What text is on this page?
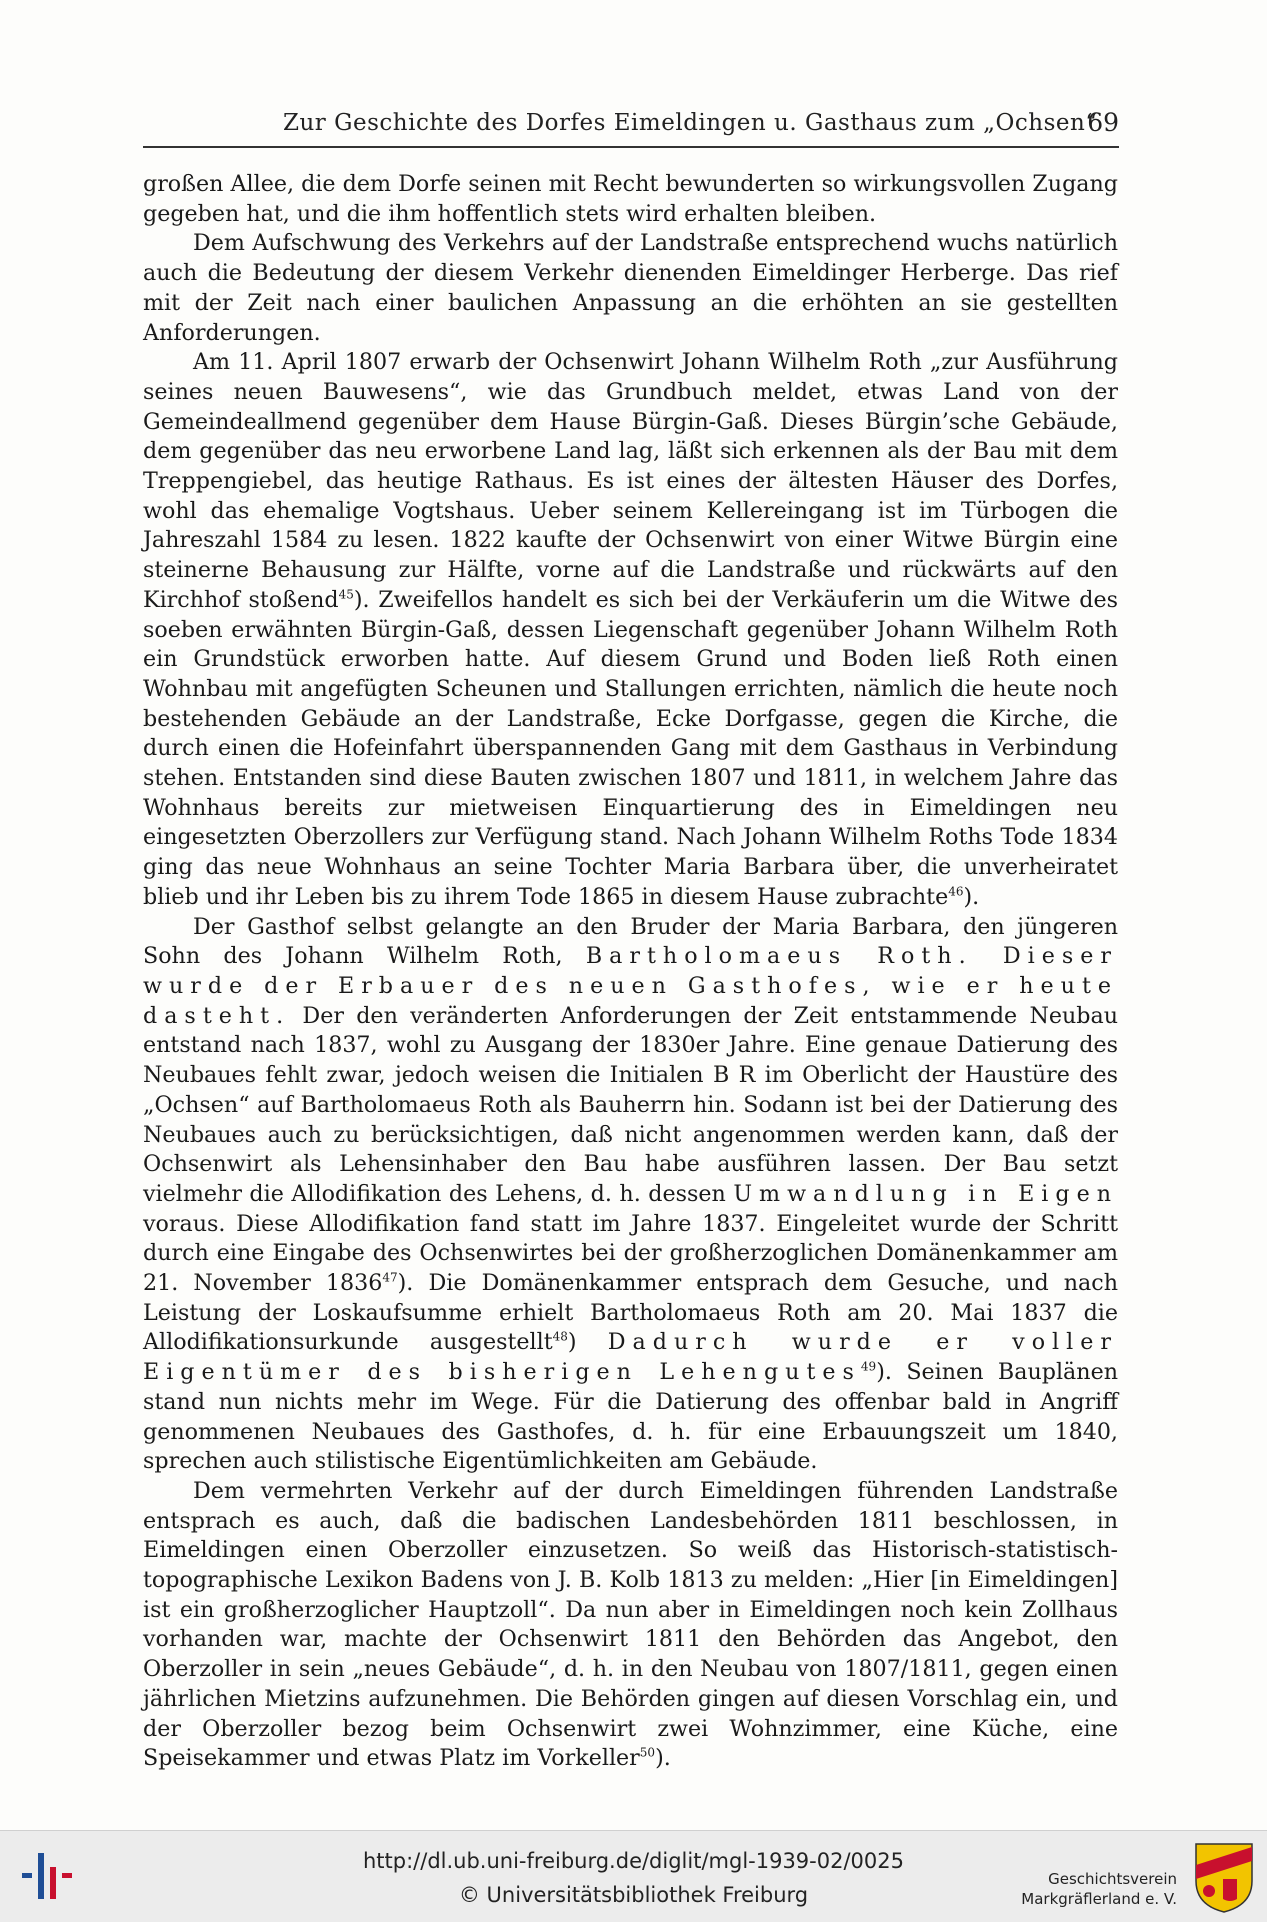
Zur Geschichte des Dorfes Eimeldingen u. Gasthaus zum „Ochsen“
69

großen Allee, die dem Dorfe seinen mit Recht bewunderten so wirkungsvollen Zugang gegeben hat, und die ihm hoffentlich stets wird erhalten bleiben.

Dem Aufschwung des Verkehrs auf der Landstraße entsprechend wuchs natürlich auch die Bedeutung der diesem Verkehr dienenden Eimeldinger Herberge. Das rief mit der Zeit nach einer baulichen Anpassung an die erhöhten an sie gestellten Anforderungen.

Am 11. April 1807 erwarb der Ochsenwirt Johann Wilhelm Roth „zur Ausführung seines neuen Bauwesens“, wie das Grundbuch meldet, etwas Land von der Gemeindeallmend gegenüber dem Hause Bürgin-Gaß. Dieses Bürgin’sche Gebäude, dem gegenüber das neu erworbene Land lag, läßt sich erkennen als der Bau mit dem Treppengiebel, das heutige Rathaus. Es ist eines der ältesten Häuser des Dorfes, wohl das ehemalige Vogtshaus. Ueber seinem Kellereingang ist im Türbogen die Jahreszahl 1584 zu lesen. 1822 kaufte der Ochsenwirt von einer Witwe Bürgin eine steinerne Behausung zur Hälfte, vorne auf die Landstraße und rückwärts auf den Kirchhof stoßend$^{45}$). Zweifellos handelt es sich bei der Verkäuferin um die Witwe des soeben erwähnten Bürgin-Gaß, dessen Liegenschaft gegenüber Johann Wilhelm Roth ein Grundstück erworben hatte. Auf diesem Grund und Boden ließ Roth einen Wohnbau mit angefügten Scheunen und Stallungen errichten, nämlich die heute noch bestehenden Gebäude an der Landstraße, Ecke Dorfgasse, gegen die Kirche, die durch einen die Hofeinfahrt überspannenden Gang mit dem Gasthaus in Verbindung stehen. Entstanden sind diese Bauten zwischen 1807 und 1811, in welchem Jahre das Wohnhaus bereits zur mietweisen Einquartierung des in Eimeldingen neu eingesetzten Oberzollers zur Verfügung stand. Nach Johann Wilhelm Roths Tode 1834 ging das neue Wohnhaus an seine Tochter Maria Barbara über, die unverheiratet blieb und ihr Leben bis zu ihrem Tode 1865 in diesem Hause zubrachte$^{46}$).

Der Gasthof selbst gelangte an den Bruder der Maria Barbara, den jüngeren Sohn des Johann Wilhelm Roth, Bartholomaeus Roth. Dieser wurde der Erbauer des neuen Gasthofes, wie er heute dasteht. Der den veränderten Anforderungen der Zeit entstammende Neubau entstand nach 1837, wohl zu Ausgang der 1830er Jahre. Eine genaue Datierung des Neubaues fehlt zwar, jedoch weisen die Initialen B R im Oberlicht der Haustüre des „Ochsen“ auf Bartholomaeus Roth als Bauherrn hin. Sodann ist bei der Datierung des Neubaues auch zu berücksichtigen, daß nicht angenommen werden kann, daß der Ochsenwirt als Lehensinhaber den Bau habe ausführen lassen. Der Bau setzt vielmehr die Allodifikation des Lehens, d. h. dessen Umwandlung in Eigen voraus. Diese Allodifikation fand statt im Jahre 1837. Eingeleitet wurde der Schritt durch eine Eingabe des Ochsenwirtes bei der großherzoglichen Domänenkammer am 21. November 1836$^{47}$). Die Domänenkammer entsprach dem Gesuche, und nach Leistung der Loskaufsumme erhielt Bartholomaeus Roth am 20. Mai 1837 die Allodifikationsurkunde ausgestellt$^{48}$) Dadurch wurde er voller Eigentümer des bisherigen Lehengutes$^{49}$). Seinen Bauplänen stand nun nichts mehr im Wege. Für die Datierung des offenbar bald in Angriff genommenen Neubaues des Gasthofes, d. h. für eine Erbauungszeit um 1840, sprechen auch stilistische Eigentümlichkeiten am Gebäude.

Dem vermehrten Verkehr auf der durch Eimeldingen führenden Landstraße entsprach es auch, daß die badischen Landesbehörden 1811 beschlossen, in Eimeldingen einen Oberzoller einzusetzen. So weiß das Historisch-statistisch-topographische Lexikon Badens von J. B. Kolb 1813 zu melden: „Hier [in Eimeldingen] ist ein großherzoglicher Hauptzoll“. Da nun aber in Eimeldingen noch kein Zollhaus vorhanden war, machte der Ochsenwirt 1811 den Behörden das Angebot, den Oberzoller in sein „neues Gebäude“, d. h. in den Neubau von 1807/1811, gegen einen jährlichen Mietzins aufzunehmen. Die Behörden gingen auf diesen Vorschlag ein, und der Oberzoller bezog beim Ochsenwirt zwei Wohnzimmer, eine Küche, eine Speisekammer und etwas Platz im Vorkeller$^{50}$).

http://dl.ub.uni-freiburg.de/diglit/mgl-1939-02/0025
© Universitätsbibliothek Freiburg
Geschichtsverein
Markgräflerland e. V.
